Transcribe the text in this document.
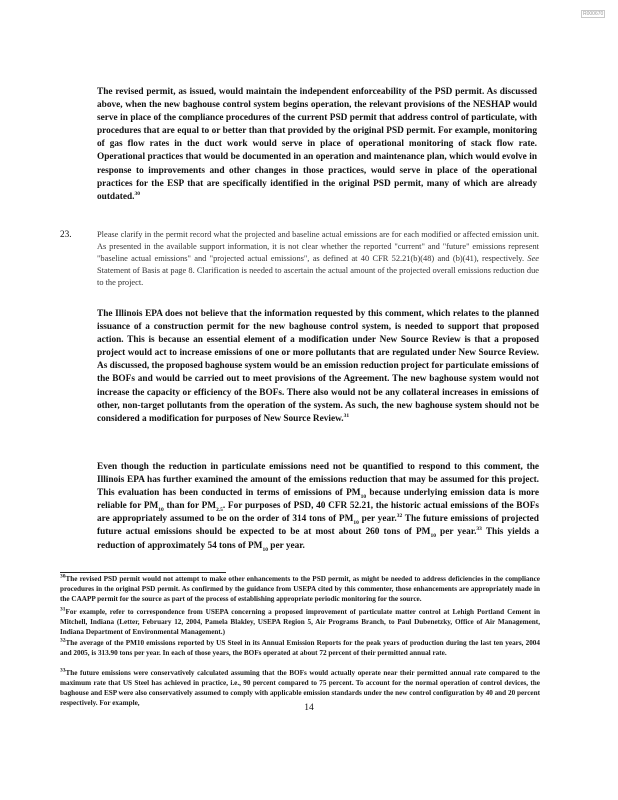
R000670
The revised permit, as issued, would maintain the independent enforceability of the PSD permit. As discussed above, when the new baghouse control system begins operation, the relevant provisions of the NESHAP would serve in place of the compliance procedures of the current PSD permit that address control of particulate, with procedures that are equal to or better than that provided by the original PSD permit. For example, monitoring of gas flow rates in the duct work would serve in place of operational monitoring of stack flow rate. Operational practices that would be documented in an operation and maintenance plan, which would evolve in response to improvements and other changes in those practices, would serve in place of the operational practices for the ESP that are specifically identified in the original PSD permit, many of which are already outdated.$^{30}$
23.	Please clarify in the permit record what the projected and baseline actual emissions are for each modified or affected emission unit. As presented in the available support information, it is not clear whether the reported "current" and "future" emissions represent "baseline actual emissions" and "projected actual emissions", as defined at 40 CFR 52.21(b)(48) and (b)(41), respectively. See Statement of Basis at page 8. Clarification is needed to ascertain the actual amount of the projected overall emissions reduction due to the project.
The Illinois EPA does not believe that the information requested by this comment, which relates to the planned issuance of a construction permit for the new baghouse control system, is needed to support that proposed action. This is because an essential element of a modification under New Source Review is that a proposed project would act to increase emissions of one or more pollutants that are regulated under New Source Review. As discussed, the proposed baghouse system would be an emission reduction project for particulate emissions of the BOFs and would be carried out to meet provisions of the Agreement. The new baghouse system would not increase the capacity or efficiency of the BOFs. There also would not be any collateral increases in emissions of other, non-target pollutants from the operation of the system. As such, the new baghouse system should not be considered a modification for purposes of New Source Review.$^{31}$
Even though the reduction in particulate emissions need not be quantified to respond to this comment, the Illinois EPA has further examined the amount of the emissions reduction that may be assumed for this project. This evaluation has been conducted in terms of emissions of $PM_{10}$ because underlying emission data is more reliable for $PM_{10}$ than for $PM_{2.5}$. For purposes of PSD, 40 CFR 52.21, the historic actual emissions of the BOFs are appropriately assumed to be on the order of 314 tons of $PM_{10}$ per year.$^{32}$ The future emissions of projected future actual emissions should be expected to be at most about 260 tons of $PM_{10}$ per year.$^{33}$ This yields a reduction of approximately 54 tons of $PM_{10}$ per year.
$^{30}$The revised PSD permit would not attempt to make other enhancements to the PSD permit, as might be needed to address deficiencies in the compliance procedures in the original PSD permit. As confirmed by the guidance from USEPA cited by this commenter, those enhancements are appropriately made in the CAAPP permit for the source as part of the process of establishing appropriate periodic monitoring for the source.
$^{31}$For example, refer to correspondence from USEPA concerning a proposed improvement of particulate matter control at Lehigh Portland Cement in Mitchell, Indiana (Letter, February 12, 2004, Pamela Blakley, USEPA Region 5, Air Programs Branch, to Paul Dubenetzky, Office of Air Management, Indiana Department of Environmental Management.)
$^{32}$The average of the PM10 emissions reported by US Steel in its Annual Emission Reports for the peak years of production during the last ten years, 2004 and 2005, is 313.90 tons per year. In each of those years, the BOFs operated at about 72 percent of their permitted annual rate.
$^{33}$The future emissions were conservatively calculated assuming that the BOFs would actually operate near their permitted annual rate compared to the maximum rate that US Steel has achieved in practice, i.e., 90 percent compared to 75 percent. To account for the normal operation of control devices, the baghouse and ESP were also conservatively assumed to comply with applicable emission standards under the new control configuration by 40 and 20 percent respectively. For example,
14
